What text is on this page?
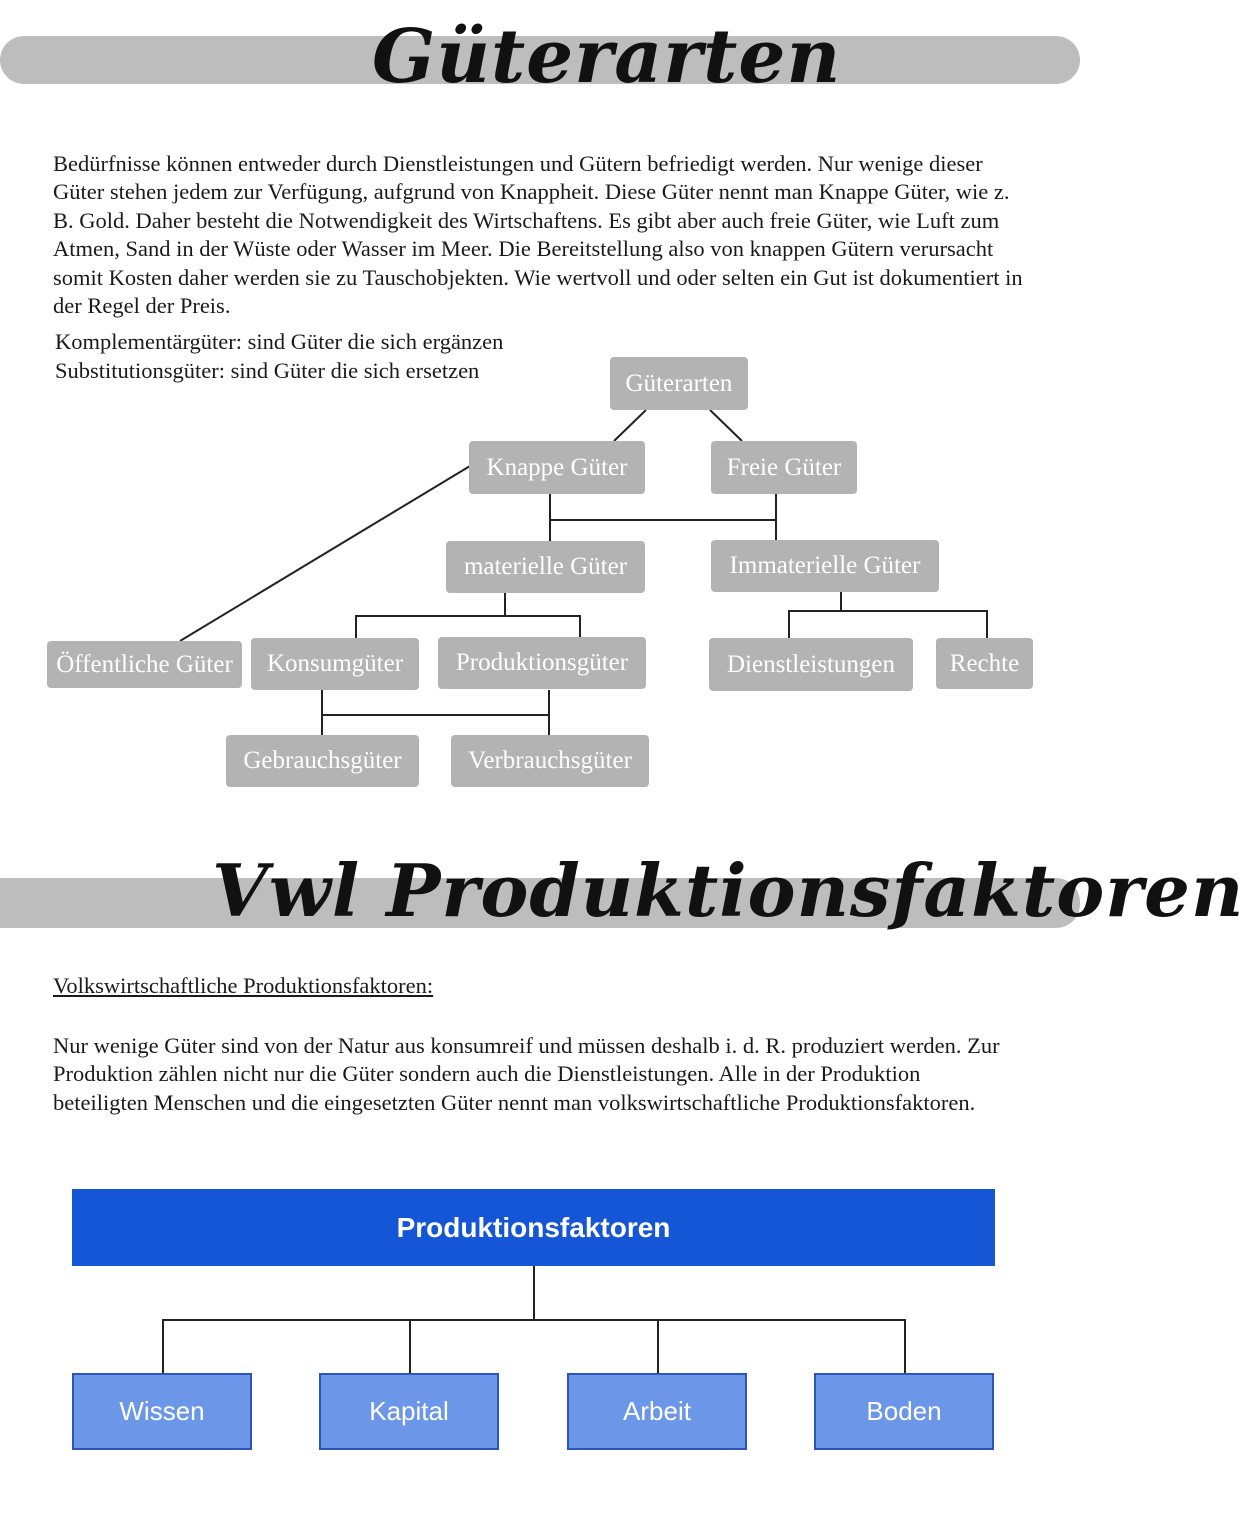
Güterarten

Bedürfnisse können entweder durch Dienstleistungen und Gütern befriedigt werden. Nur wenige dieser Güter stehen jedem zur Verfügung, aufgrund von Knappheit. Diese Güter nennt man Knappe Güter, wie z. B. Gold. Daher besteht die Notwendigkeit des Wirtschaftens. Es gibt aber auch freie Güter, wie Luft zum Atmen, Sand in der Wüste oder Wasser im Meer. Die Bereitstellung also von knappen Gütern verursacht somit Kosten daher werden sie zu Tauschobjekten. Wie wertvoll und oder selten ein Gut ist dokumentiert in der Regel der Preis.

Komplementärgüter: sind Güter die sich ergänzen
Substitutionsgüter: sind Güter die sich ersetzen	Güterarten
Knappe Güter	Freie Güter
materielle Güter	Immaterielle Güter
Öffentliche Güter	Konsumgüter	Produktionsgüter	Dienstleistungen	Rechte
Gebrauchsgüter	Verbrauchsgüter
Vwl Produktionsfaktoren
Volkswirtschaftliche Produktionsfaktoren:

Nur wenige Güter sind von der Natur aus konsumreif und müssen deshalb i. d. R. produziert werden. Zur Produktion zählen nicht nur die Güter sondern auch die Dienstleistungen. Alle in der Produktion beteiligten Menschen und die eingesetzten Güter nennt man volkswirtschaftliche Produktionsfaktoren.

Produktionsfaktoren
Wissen	Kapital	Arbeit	Boden
